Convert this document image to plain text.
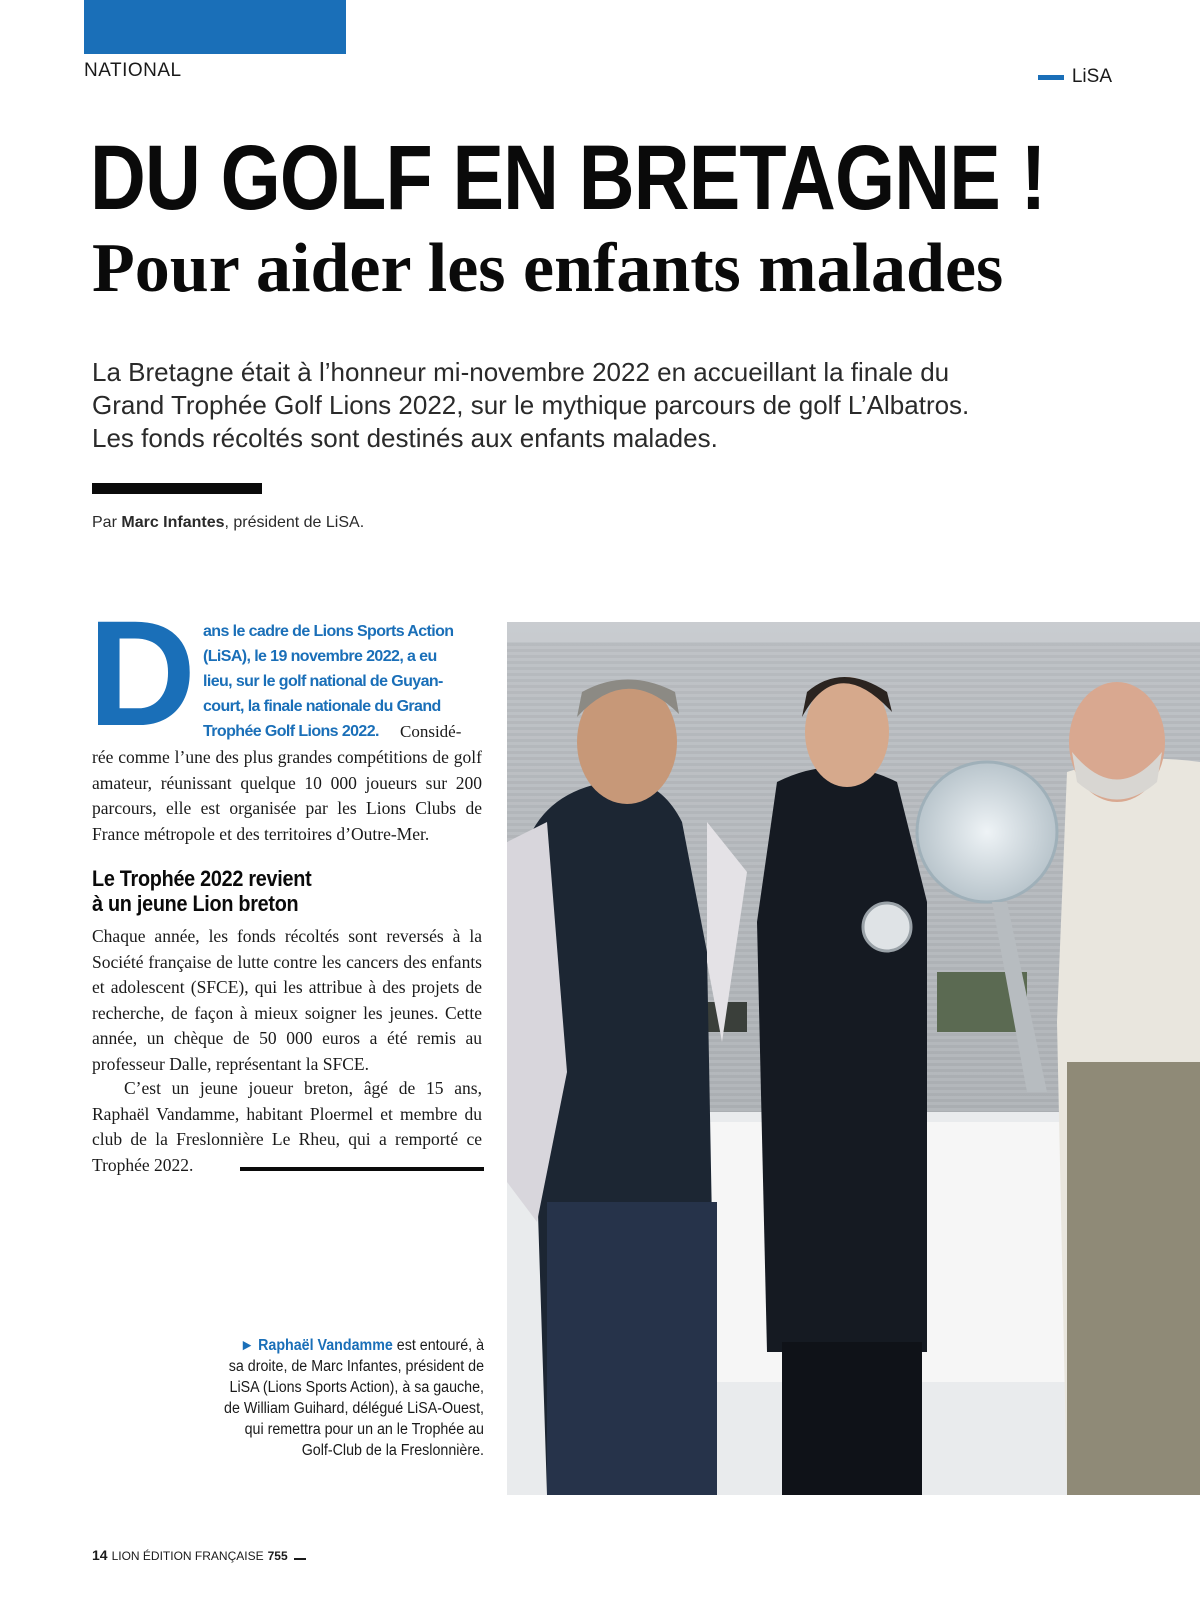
NATIONAL	LiSA
DU GOLF EN BRETAGNE !
Pour aider les enfants malades

La Bretagne était à l’honneur mi-novembre 2022 en accueillant la finale du Grand Trophée Golf Lions 2022, sur le mythique parcours de golf L’Albatros. Les fonds récoltés sont destinés aux enfants malades.

Par Marc Infantes, président de LiSA.

D ans le cadre de Lions Sports Action
(LiSA), le 19 novembre 2022, a eu
lieu, sur le golf national de Guyan-
court, la finale nationale du Grand
Trophée Golf Lions 2022. Considé-

rée comme l’une des plus grandes compétitions de golf amateur, réunissant quelque 10 000 joueurs sur 200 parcours, elle est organisée par les Lions Clubs de France métropole et des territoires d’Outre-Mer.

Le Trophée 2022 revient
à un jeune Lion breton

Chaque année, les fonds récoltés sont reversés à la Société française de lutte contre les cancers des enfants et adolescent (SFCE), qui les attribue à des projets de recherche, de façon à mieux soigner les jeunes. Cette année, un chèque de 50 000 euros a été remis au professeur Dalle, représentant la SFCE.

C’est un jeune joueur breton, âgé de 15 ans, Raphaël Vandamme, habitant Ploermel et membre du club de la Freslonnière Le Rheu, qui a remporté ce Trophée 2022.

► Raphaël Vandamme est entouré, à sa droite, de Marc Infantes, président de LiSA (Lions Sports Action), à sa gauche, de William Guihard, délégué LiSA-Ouest, qui remettra pour un an le Trophée au Golf-Club de la Freslonnière.

14 LION ÉDITION FRANÇAISE 755
